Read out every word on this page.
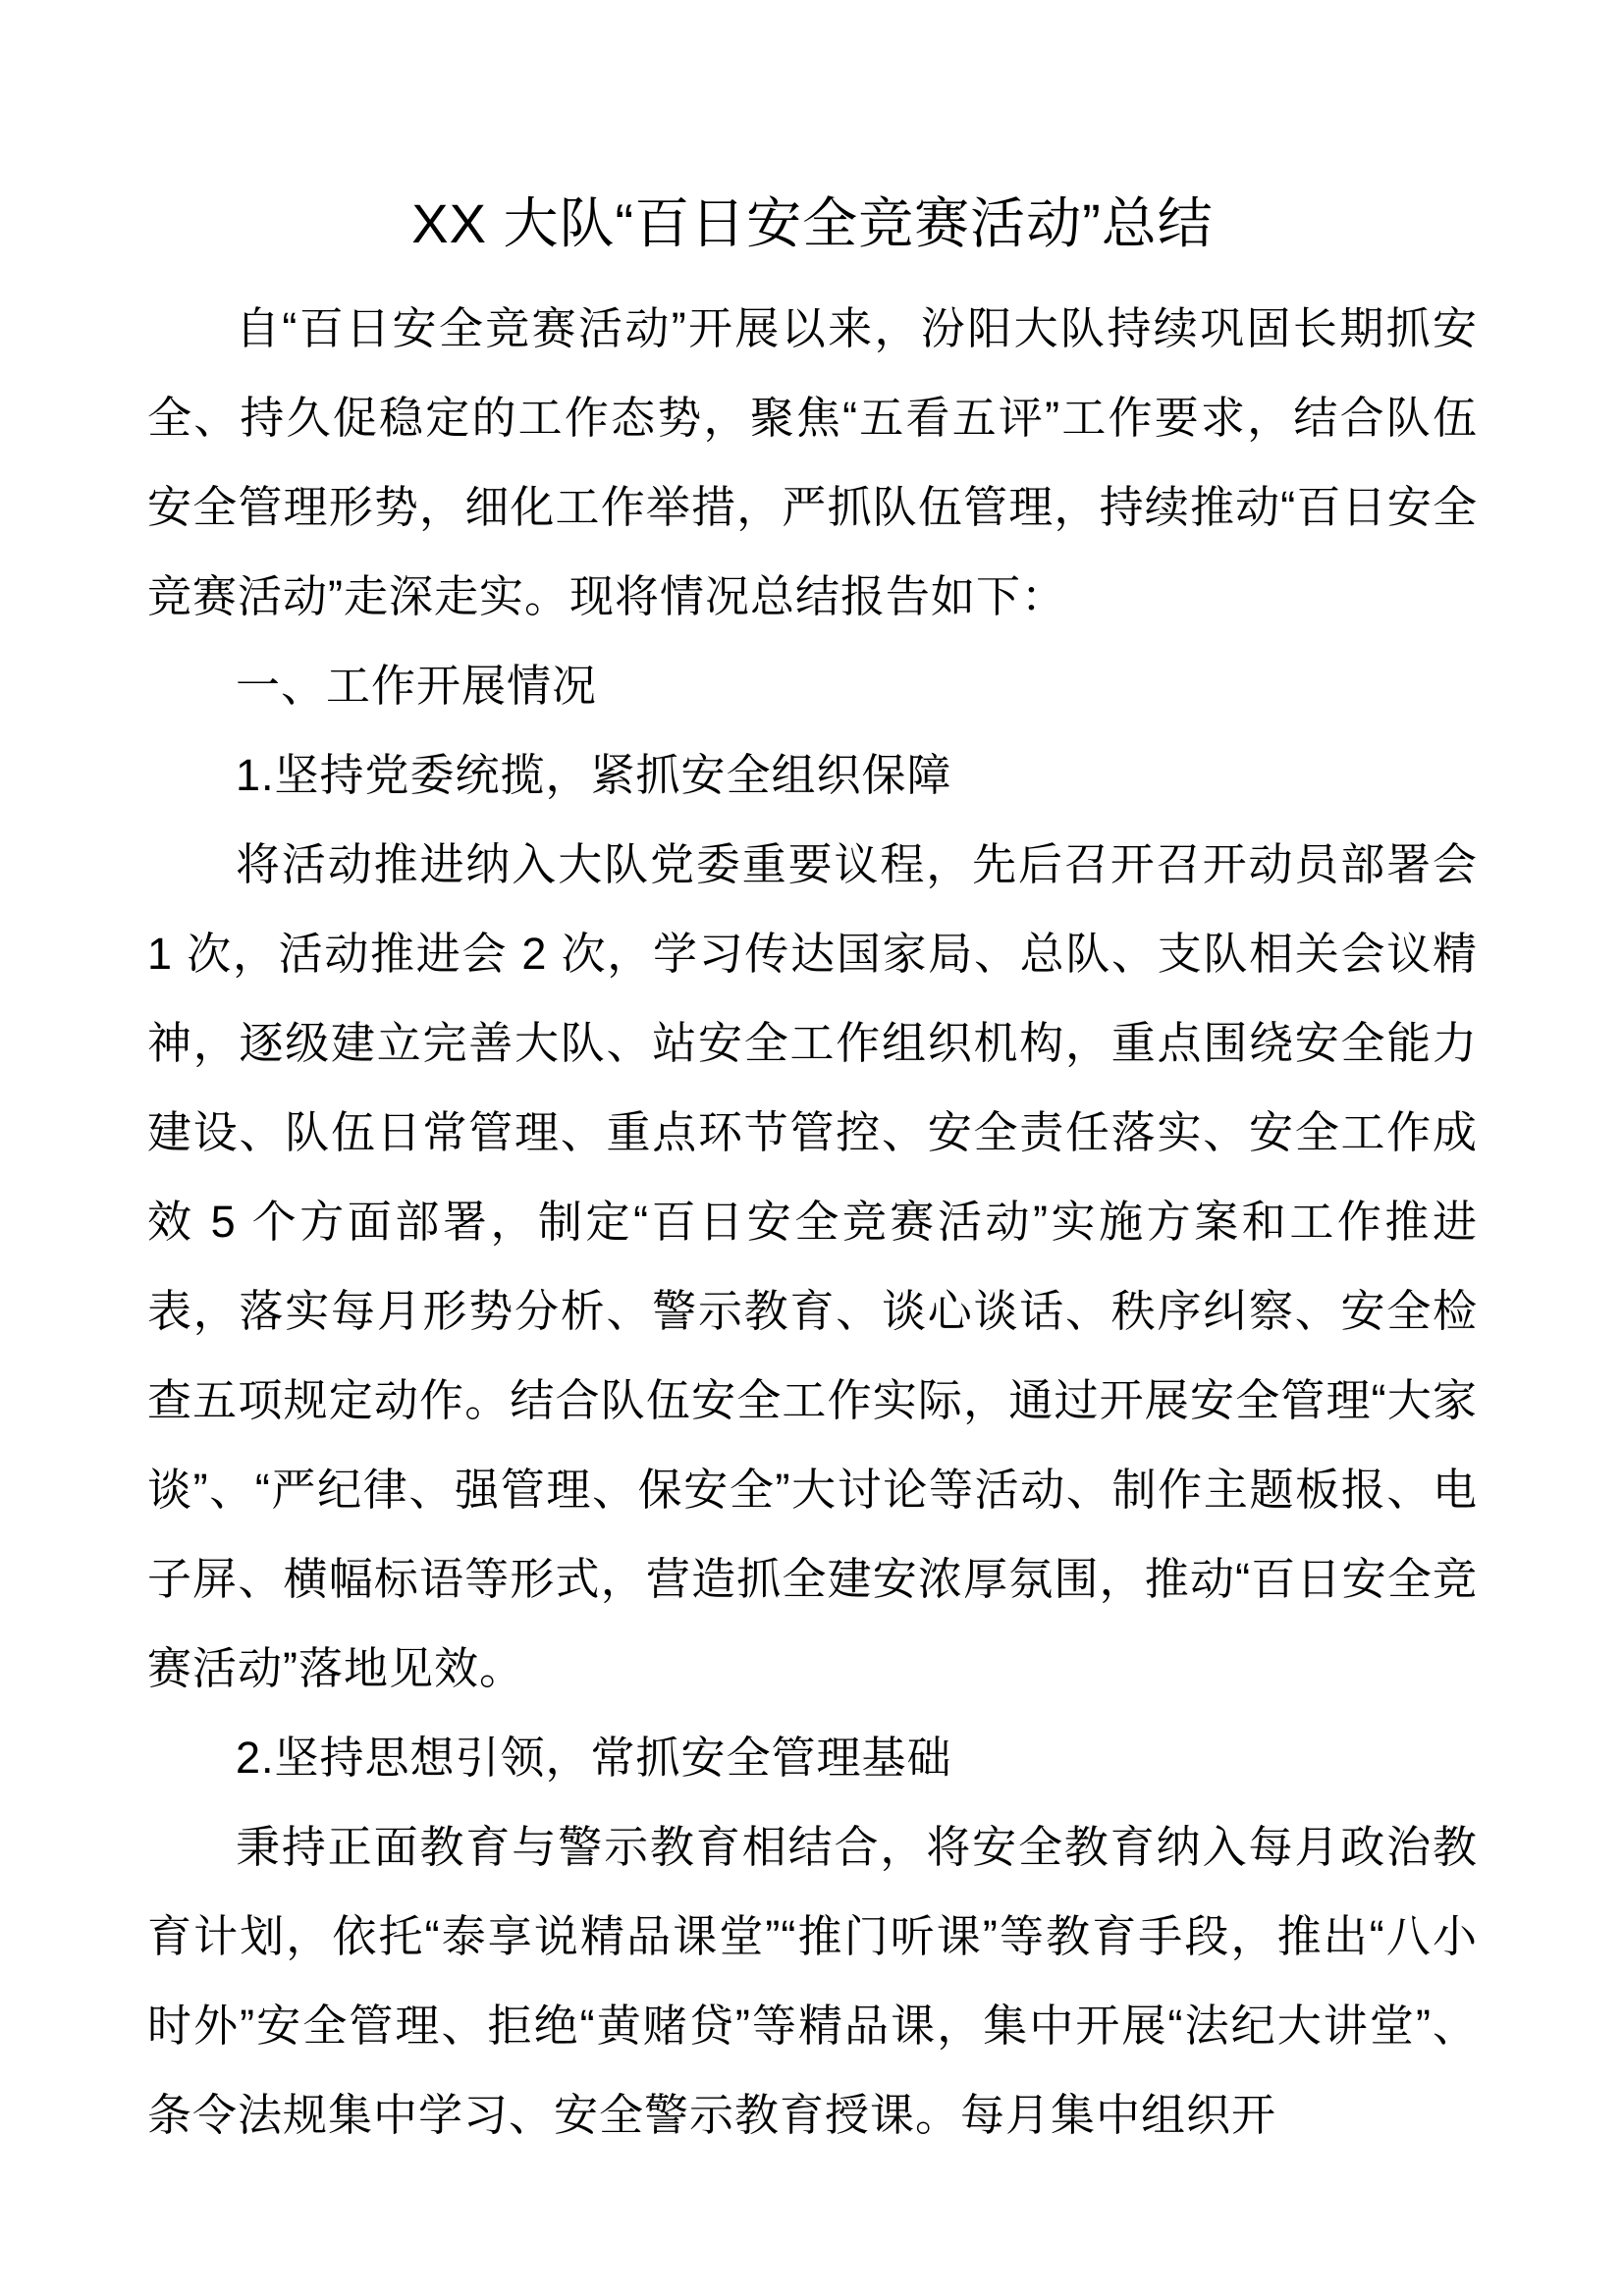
XX 大队“百日安全竞赛活动”总结

自“百日安全竞赛活动”开展以来，汾阳大队持续巩固长期抓安全、持久促稳定的工作态势，聚焦“五看五评”工作要求，结合队伍安全管理形势，细化工作举措，严抓队伍管理，持续推动“百日安全竞赛活动”走深走实。现将情况总结报告如下：

一、工作开展情况

1.坚持党委统揽，紧抓安全组织保障

将活动推进纳入大队党委重要议程，先后召开召开动员部署会 1 次，活动推进会 2 次，学习传达国家局、总队、支队相关会议精神，逐级建立完善大队、站安全工作组织机构，重点围绕安全能力建设、队伍日常管理、重点环节管控、安全责任落实、安全工作成效 5 个方面部署，制定“百日安全竞赛活动”实施方案和工作推进表，落实每月形势分析、警示教育、谈心谈话、秩序纠察、安全检查五项规定动作。结合队伍安全工作实际，通过开展安全管理“大家谈”、“严纪律、强管理、保安全”大讨论等活动、制作主题板报、电子屏、横幅标语等形式，营造抓全建安浓厚氛围，推动“百日安全竞赛活动”落地见效。

2.坚持思想引领，常抓安全管理基础

秉持正面教育与警示教育相结合，将安全教育纳入每月政治教育计划，依托“泰享说精品课堂”“推门听课”等教育手段，推出“八小时外”安全管理、拒绝“黄赌贷”等精品课，集中开展“法纪大讲堂”、条令法规集中学习、安全警示教育授课。每月集中组织开
